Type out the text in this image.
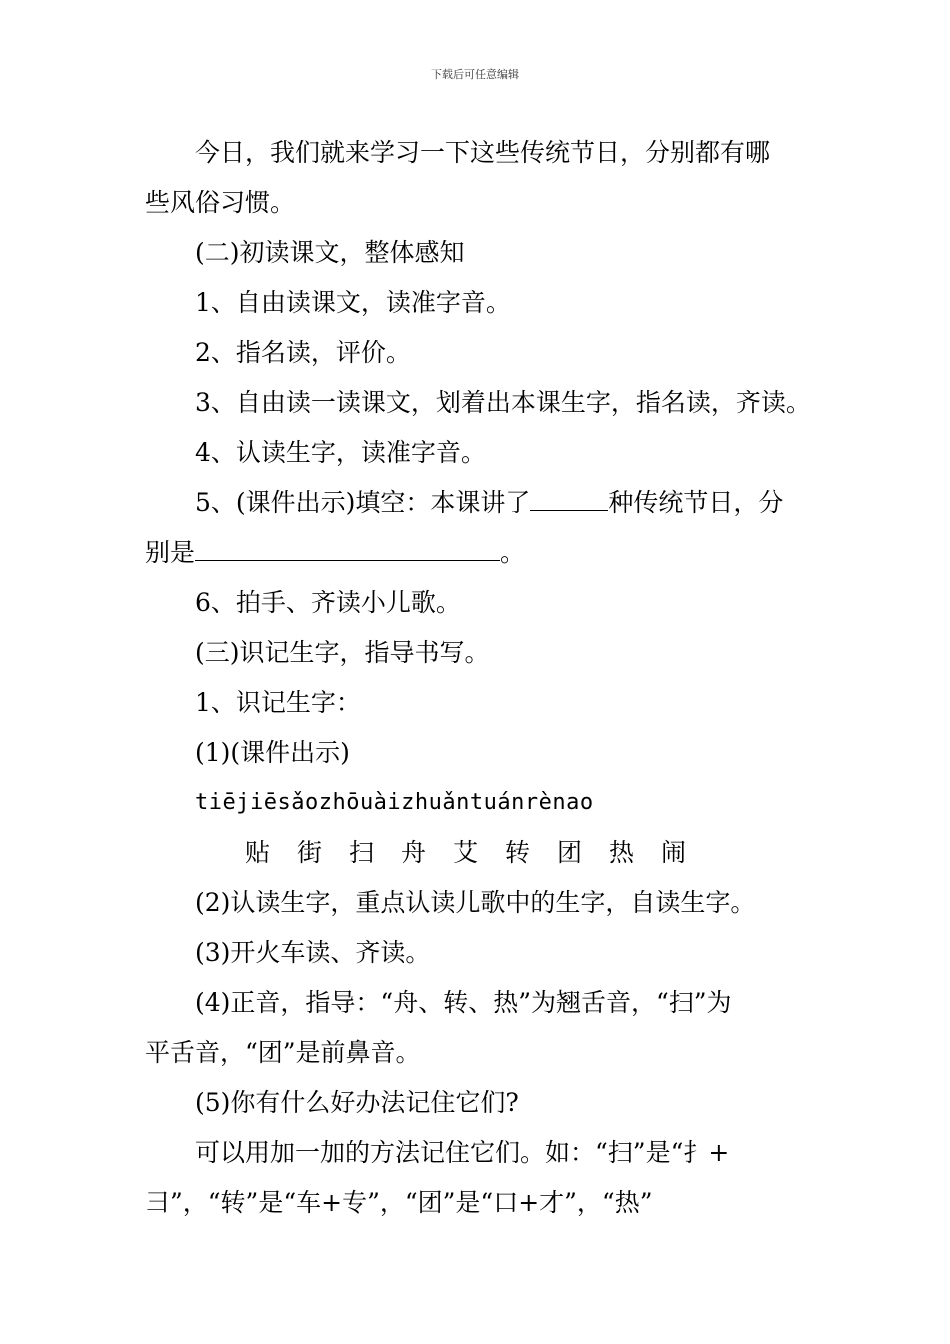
下载后可任意编辑

今日，我们就来学习一下这些传统节日，分别都有哪

些风俗习惯。

(二)初读课文，整体感知

1、自由读课文，读准字音。

2、指名读，评价。

3、自由读一读课文，划着出本课生字，指名读，齐读。

4、认读生字，读准字音。

5、(课件出示)填空：本课讲了	种传统节日，分

别是	。

6、拍手、齐读小儿歌。

(三)识记生字，指导书写。

1、识记生字：

(1)(课件出示)

tiējiēsǎozhōuàizhuǎntuánrènao

贴 街 扫 舟 艾 转 团 热 闹

(2)认读生字，重点认读儿歌中的生字，自读生字。

(3)开火车读、齐读。

(4)正音，指导：“舟、转、热”为翘舌音，“扫”为

平舌音，“团”是前鼻音。

(5)你有什么好办法记住它们?

可以用加一加的方法记住它们。如：“扫”是“扌+

彐”，“转”是“车+专”，“团”是“口+才”，“热”
